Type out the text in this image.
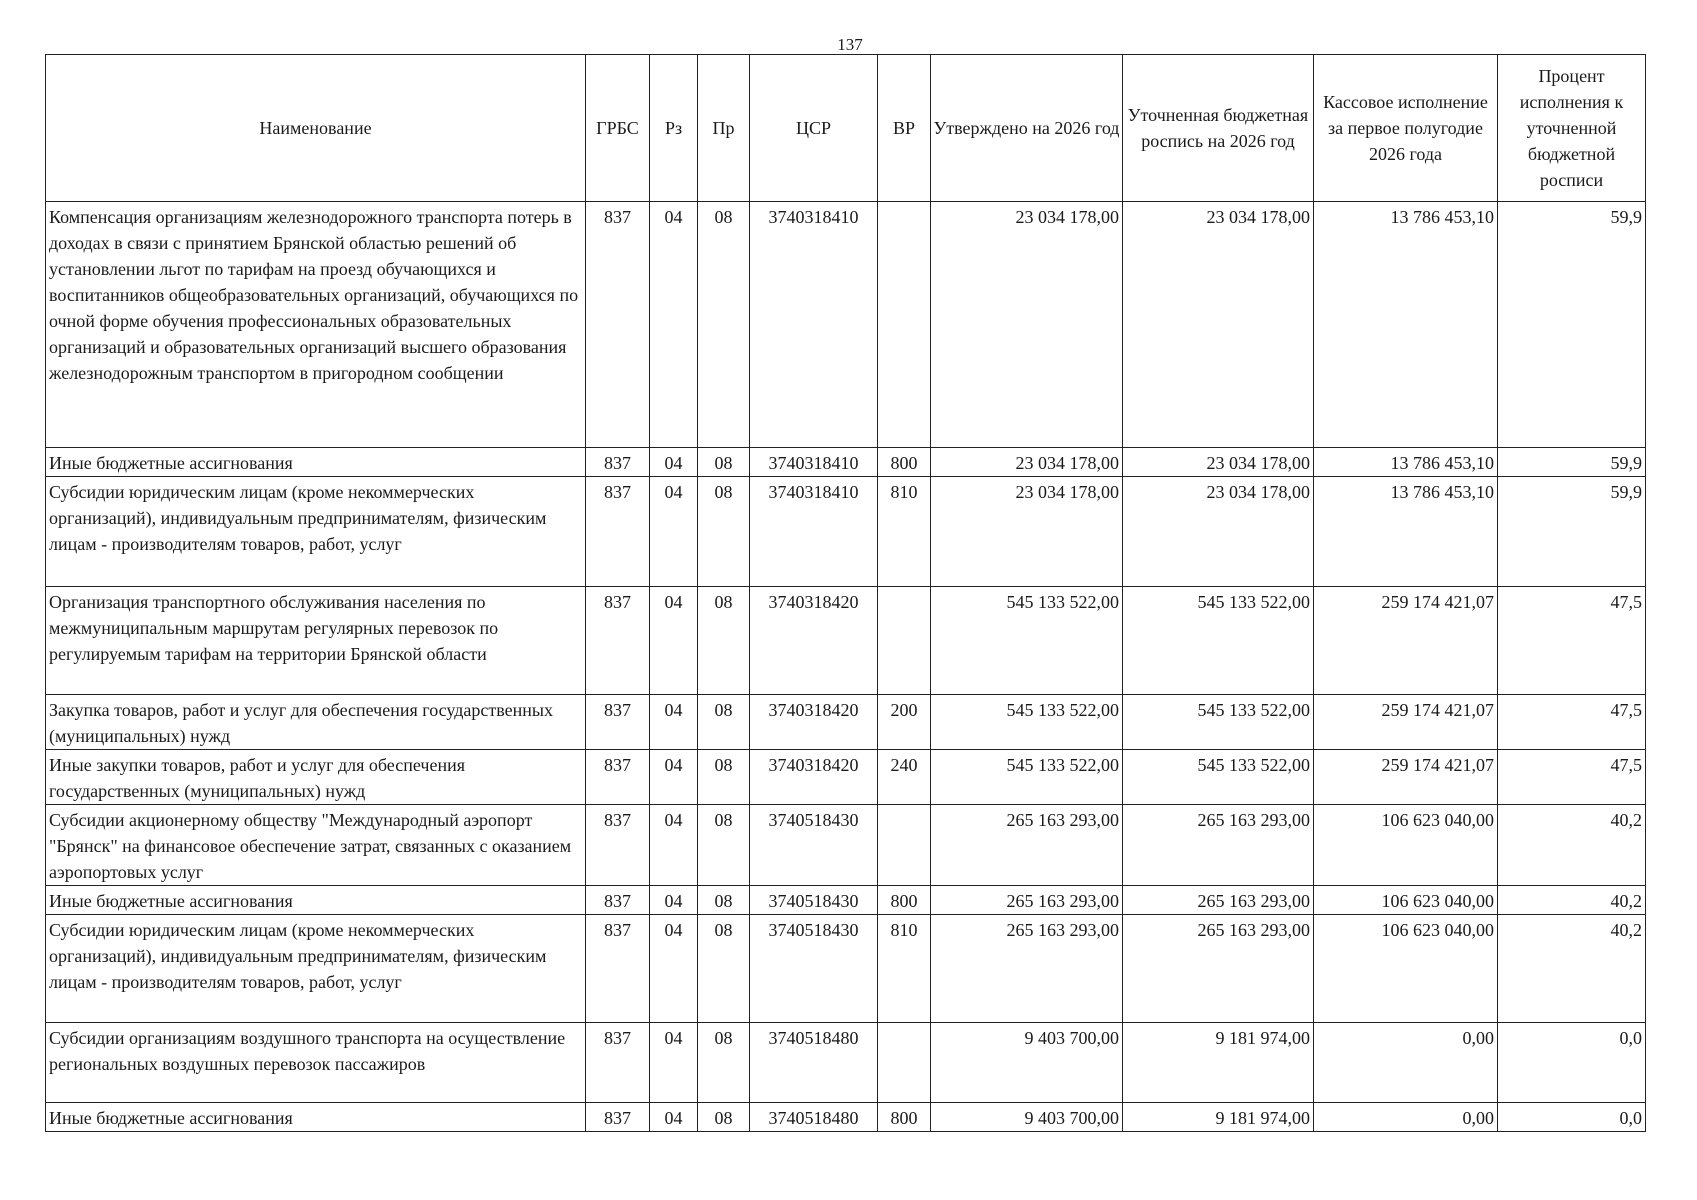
137
Наименование	ГРБС	Рз	Пр	ЦСР	ВР	Утверждено на 2026 год	Уточненная бюджетная роспись на 2026 год	Кассовое исполнение за первое полугодие 2026 года	Процент исполнения к уточненной бюджетной росписи
Компенсация организациям железнодорожного транспорта потерь в доходах в связи с принятием Брянской областью решений об установлении льгот по тарифам на проезд обучающихся и воспитанников общеобразовательных организаций, обучающихся по очной форме обучения профессиональных образовательных организаций и образовательных организаций высшего образования железнодорожным транспортом в пригородном сообщении	837	04	08	3740318410		23 034 178,00	23 034 178,00	13 786 453,10	59,9
Иные бюджетные ассигнования	837	04	08	3740318410	800	23 034 178,00	23 034 178,00	13 786 453,10	59,9
Субсидии юридическим лицам (кроме некоммерческих организаций), индивидуальным предпринимателям, физическим лицам - производителям товаров, работ, услуг	837	04	08	3740318410	810	23 034 178,00	23 034 178,00	13 786 453,10	59,9
Организация транспортного обслуживания населения по межмуниципальным маршрутам регулярных перевозок по регулируемым тарифам на территории Брянской области	837	04	08	3740318420		545 133 522,00	545 133 522,00	259 174 421,07	47,5
Закупка товаров, работ и услуг для обеспечения государственных (муниципальных) нужд	837	04	08	3740318420	200	545 133 522,00	545 133 522,00	259 174 421,07	47,5
Иные закупки товаров, работ и услуг для обеспечения государственных (муниципальных) нужд	837	04	08	3740318420	240	545 133 522,00	545 133 522,00	259 174 421,07	47,5
Субсидии акционерному обществу "Международный аэропорт "Брянск" на финансовое обеспечение затрат, связанных с оказанием аэропортовых услуг	837	04	08	3740518430		265 163 293,00	265 163 293,00	106 623 040,00	40,2
Иные бюджетные ассигнования	837	04	08	3740518430	800	265 163 293,00	265 163 293,00	106 623 040,00	40,2
Субсидии юридическим лицам (кроме некоммерческих организаций), индивидуальным предпринимателям, физическим лицам - производителям товаров, работ, услуг	837	04	08	3740518430	810	265 163 293,00	265 163 293,00	106 623 040,00	40,2
Субсидии организациям воздушного транспорта на осуществление региональных воздушных перевозок пассажиров	837	04	08	3740518480		9 403 700,00	9 181 974,00	0,00	0,0
Иные бюджетные ассигнования	837	04	08	3740518480	800	9 403 700,00	9 181 974,00	0,00	0,0
